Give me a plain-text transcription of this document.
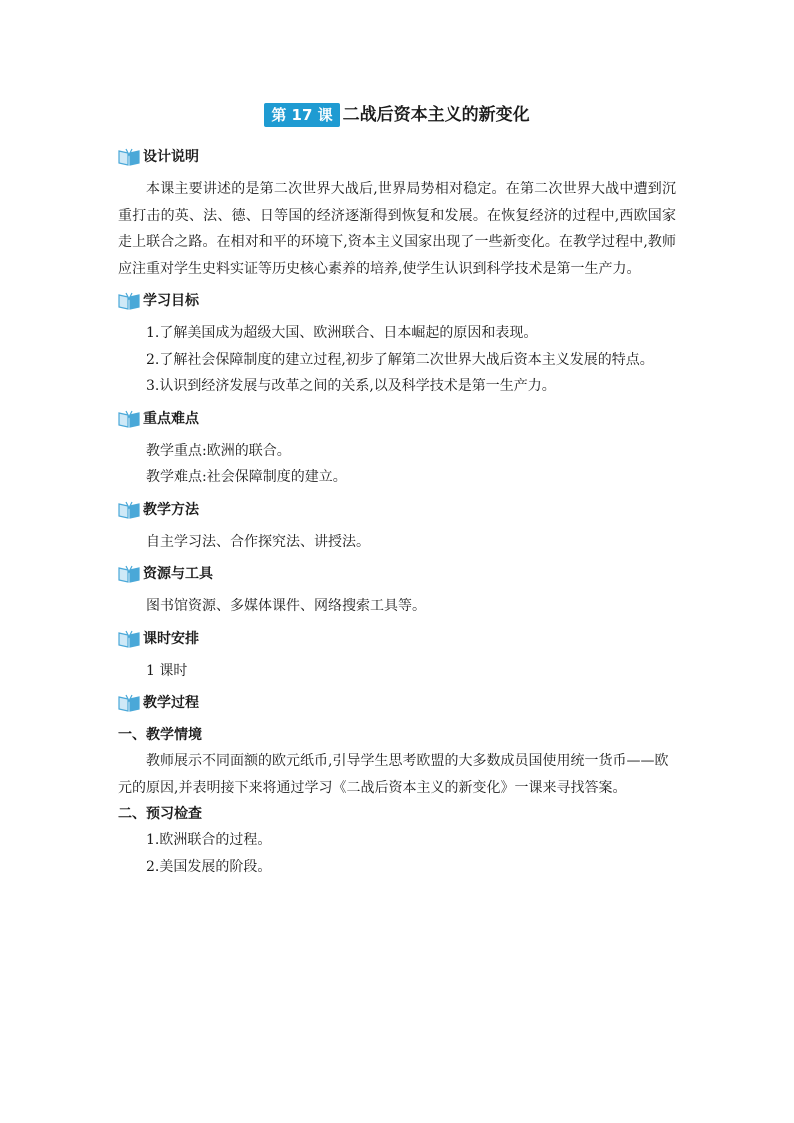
第 17 课 二战后资本主义的新变化
设计说明

本课主要讲述的是第二次世界大战后,世界局势相对稳定。在第二次世界大战中遭到沉重打击的英、法、德、日等国的经济逐渐得到恢复和发展。在恢复经济的过程中,西欧国家走上联合之路。在相对和平的环境下,资本主义国家出现了一些新变化。在教学过程中,教师应注重对学生史料实证等历史核心素养的培养,使学生认识到科学技术是第一生产力。

学习目标

1.了解美国成为超级大国、欧洲联合、日本崛起的原因和表现。

2.了解社会保障制度的建立过程,初步了解第二次世界大战后资本主义发展的特点。

3.认识到经济发展与改革之间的关系,以及科学技术是第一生产力。

重点难点

教学重点:欧洲的联合。

教学难点:社会保障制度的建立。

教学方法

自主学习法、合作探究法、讲授法。

资源与工具

图书馆资源、多媒体课件、网络搜索工具等。

课时安排

1 课时

教学过程

一、教学情境

教师展示不同面额的欧元纸币,引导学生思考欧盟的大多数成员国使用统一货币——欧元的原因,并表明接下来将通过学习《二战后资本主义的新变化》一课来寻找答案。

二、预习检查

1.欧洲联合的过程。

2.美国发展的阶段。
